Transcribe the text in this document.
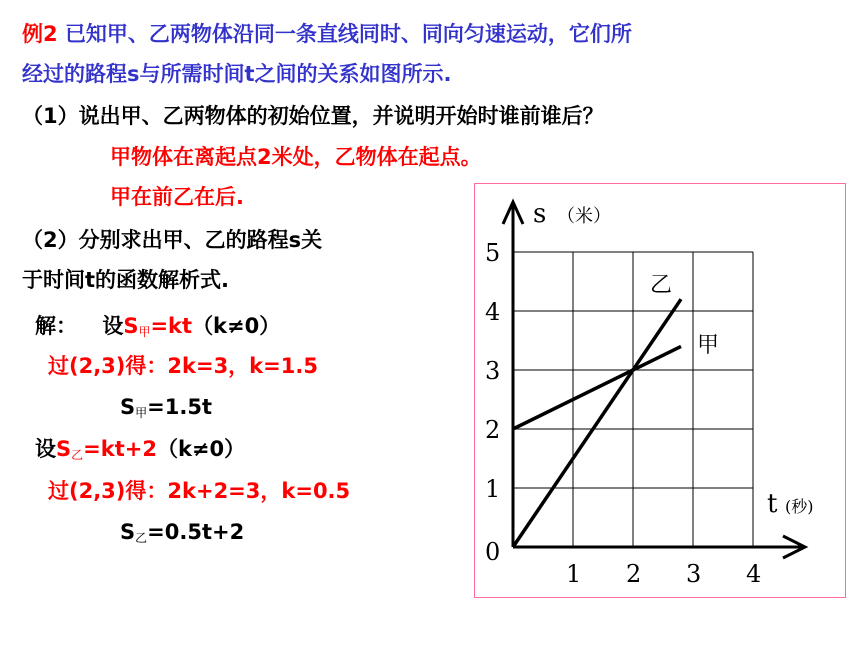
例2 已知甲、乙两物体沿同一条直线同时、同向匀速运动，它们所
经过的路程s与所需时间t之间的关系如图所示.
（1）说出甲、乙两物体的初始位置，并说明开始时谁前谁后？
甲物体在离起点2米处，乙物体在起点。
甲在前乙在后.
（2）分别求出甲、乙的路程s关
于时间t的函数解析式.
解： 设$S_甲=kt(k\ne 0)$
过(2,3)得：2k=3，k=1.5
$S_甲=1.5t$
设$S_乙=kt+2(k\ne 0)$
过(2,3)得：2k+2=3，k=0.5
$S_乙=0.5t+2$
s （米）
t (秒)
0
甲
乙
1 2 3 4
1
2
3
4
5
